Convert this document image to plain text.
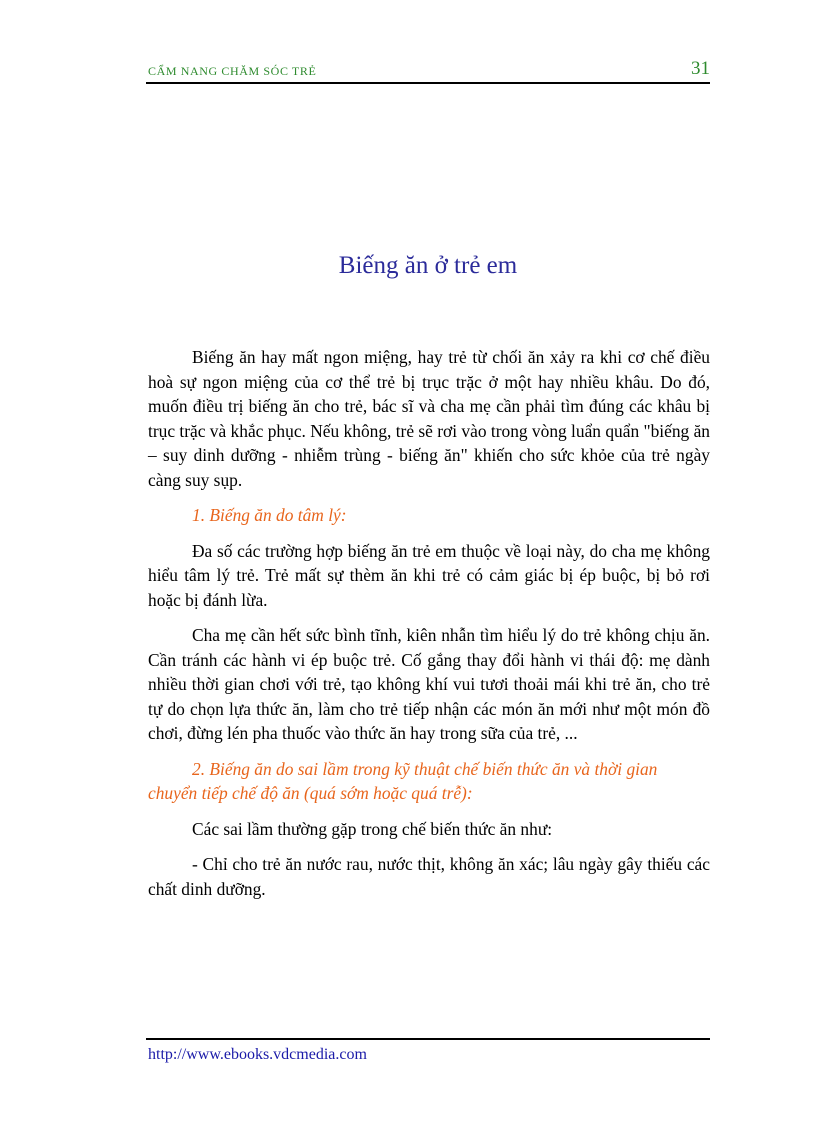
CẨM NANG CHĂM SÓC TRẺ	31
Biếng ăn ở trẻ em

Biếng ăn hay mất ngon miệng, hay trẻ từ chối ăn xảy ra khi cơ chế điều hoà sự ngon miệng của cơ thể trẻ bị trục trặc ở một hay nhiều khâu. Do đó, muốn điều trị biếng ăn cho trẻ, bác sĩ và cha mẹ cần phải tìm đúng các khâu bị trục trặc và khắc phục. Nếu không, trẻ sẽ rơi vào trong vòng luẩn quẩn "biếng ăn – suy dinh dưỡng - nhiễm trùng - biếng ăn" khiến cho sức khỏe của trẻ ngày càng suy sụp.

1. Biếng ăn do tâm lý:

Đa số các trường hợp biếng ăn trẻ em thuộc về loại này, do cha mẹ không hiểu tâm lý trẻ. Trẻ mất sự thèm ăn khi trẻ có cảm giác bị ép buộc, bị bỏ rơi hoặc bị đánh lừa.

Cha mẹ cần hết sức bình tĩnh, kiên nhẫn tìm hiểu lý do trẻ không chịu ăn. Cần tránh các hành vi ép buộc trẻ. Cố gắng thay đổi hành vi thái độ: mẹ dành nhiều thời gian chơi với trẻ, tạo không khí vui tươi thoải mái khi trẻ ăn, cho trẻ tự do chọn lựa thức ăn, làm cho trẻ tiếp nhận các món ăn mới như một món đồ chơi, đừng lén pha thuốc vào thức ăn hay trong sữa của trẻ, ...

2. Biếng ăn do sai lầm trong kỹ thuật chế biến thức ăn và thời gian chuyển tiếp chế độ ăn (quá sớm hoặc quá trễ):

Các sai lầm thường gặp trong chế biến thức ăn như:

- Chỉ cho trẻ ăn nước rau, nước thịt, không ăn xác; lâu ngày gây thiếu các chất dinh dưỡng.

http://www.ebooks.vdcmedia.com
